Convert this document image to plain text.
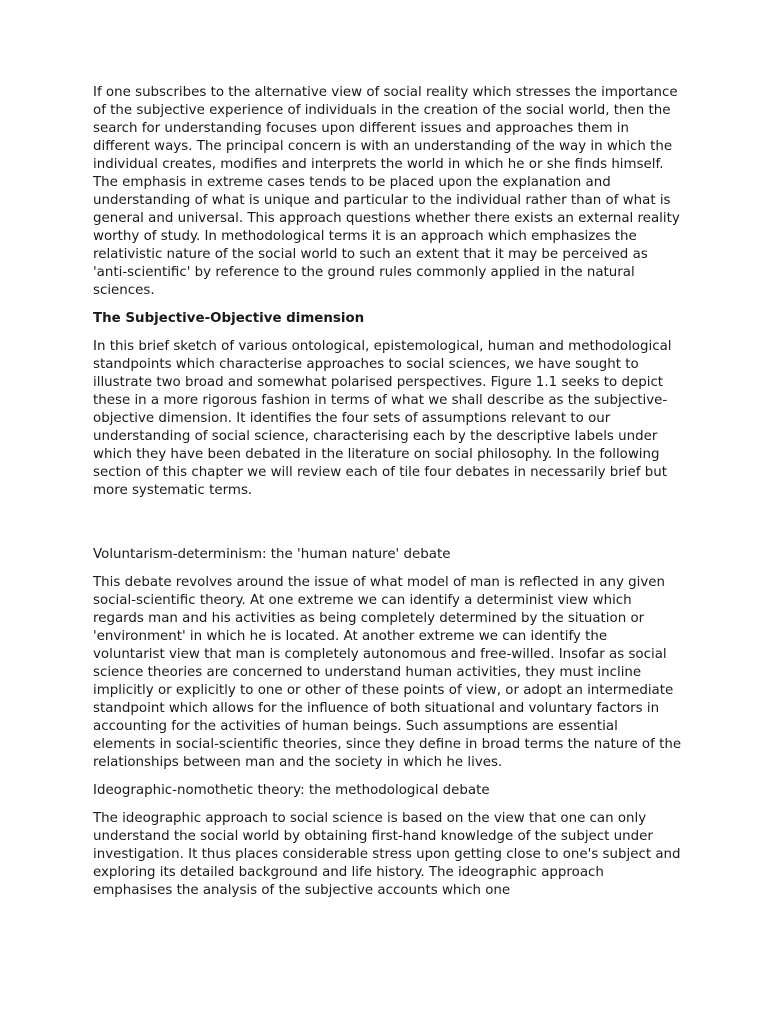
If one subscribes to the alternative view of social reality which stresses the importance of the subjective experience of individuals in the creation of the social world, then the search for understanding focuses upon different issues and approaches them in different ways. The principal concern is with an understanding of the way in which the individual creates, modifies and interprets the world in which he or she finds himself. The emphasis in extreme cases tends to be placed upon the explanation and understanding of what is unique and particular to the individual rather than of what is general and universal. This approach questions whether there exists an external reality worthy of study. In methodological terms it is an approach which emphasizes the relativistic nature of the social world to such an extent that it may be perceived as 'anti-scientific' by reference to the ground rules commonly applied in the natural sciences.

The Subjective-Objective dimension

In this brief sketch of various ontological, epistemological, human and methodological standpoints which characterise approaches to social sciences, we have sought to illustrate two broad and somewhat polarised perspectives. Figure 1.1 seeks to depict these in a more rigorous fashion in terms of what we shall describe as the subjective-objective dimension. It identifies the four sets of assumptions relevant to our understanding of social science, characterising each by the descriptive labels under which they have been debated in the literature on social philosophy. In the following section of this chapter we will review each of tile four debates in necessarily brief but more systematic terms.

Voluntarism-determinism: the 'human nature' debate

This debate revolves around the issue of what model of man is reflected in any given social-scientific theory. At one extreme we can identify a determinist view which regards man and his activities as being completely determined by the situation or 'environment' in which he is located. At another extreme we can identify the voluntarist view that man is completely autonomous and free-willed. Insofar as social science theories are concerned to understand human activities, they must incline implicitly or explicitly to one or other of these points of view, or adopt an intermediate standpoint which allows for the influence of both situational and voluntary factors in accounting for the activities of human beings. Such assumptions are essential elements in social-scientific theories, since they define in broad terms the nature of the relationships between man and the society in which he lives.

Ideographic-nomothetic theory: the methodological debate

The ideographic approach to social science is based on the view that one can only understand the social world by obtaining first-hand knowledge of the subject under investigation. It thus places considerable stress upon getting close to one's subject and exploring its detailed background and life history. The ideographic approach emphasises the analysis of the subjective accounts which one
